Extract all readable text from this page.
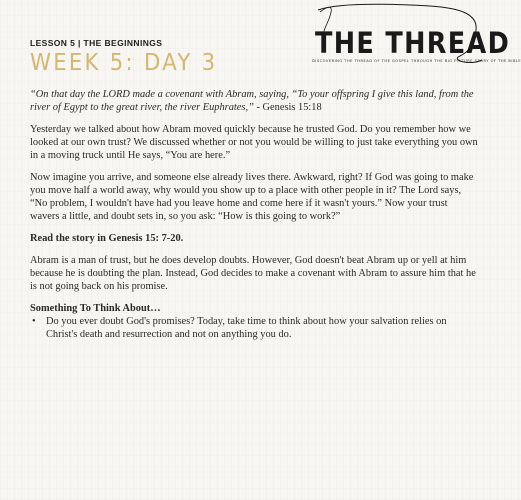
LESSON 5 | THE BEGINNINGS
WEEK 5: DAY 3
THE THREAD
DISCOVERING THE THREAD OF THE GOSPEL THROUGH THE BIG PICTURE STORY OF THE BIBLE

“On that day the LORD made a covenant with Abram, saying, “To your offspring I give this land, from the river of Egypt to the great river, the river Euphrates,” - Genesis 15:18

Yesterday we talked about how Abram moved quickly because he trusted God. Do you remember how we looked at our own trust? We discussed whether or not you would be willing to just take everything you own in a moving truck until He says, “You are here.”

Now imagine you arrive, and someone else already lives there. Awkward, right? If God was going to make you move half a world away, why would you show up to a place with other people in it? The Lord says, “No problem, I wouldn't have had you leave home and come here if it wasn't yours.” Now your trust wavers a little, and doubt sets in, so you ask: “How is this going to work?”

Read the story in Genesis 15: 7-20.

Abram is a man of trust, but he does develop doubts. However, God doesn't beat Abram up or yell at him because he is doubting the plan. Instead, God decides to make a covenant with Abram to assure him that he is not going back on his promise.

Something To Think About…
• Do you ever doubt God's promises? Today, take time to think about how your salvation relies on Christ's death and resurrection and not on anything you do.
